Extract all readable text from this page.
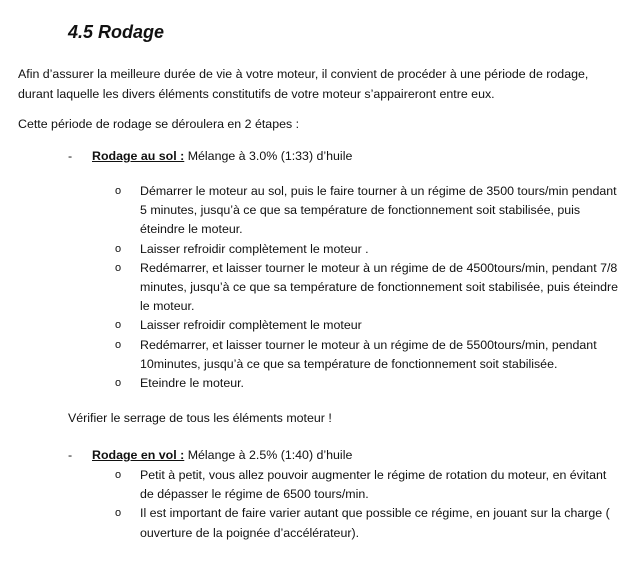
4.5 Rodage

Afin d’assurer la meilleure durée de vie à votre moteur, il convient de procéder à une période de rodage,
durant laquelle les divers éléments constitutifs de votre moteur s’appaireront entre eux.

Cette période de rodage se déroulera en 2 étapes :

- Rodage au sol : Mélange à 3.0% (1:33) d’huile
o Démarrer le moteur au sol, puis le faire tourner à un régime de 3500 tours/min pendant
5 minutes, jusqu’à ce que sa température de fonctionnement soit stabilisée, puis
éteindre le moteur.
o Laisser refroidir complètement le moteur .
o Redémarrer, et laisser tourner le moteur à un régime de de 4500tours/min, pendant 7/8
minutes, jusqu’à ce que sa température de fonctionnement soit stabilisée, puis éteindre
le moteur.
o Laisser refroidir complètement le moteur
o Redémarrer, et laisser tourner le moteur à un régime de de 5500tours/min, pendant
10minutes, jusqu’à ce que sa température de fonctionnement soit stabilisée.
o Eteindre le moteur.

Vérifier le serrage de tous les éléments moteur !

- Rodage en vol : Mélange à 2.5% (1:40) d’huile
o Petit à petit, vous allez pouvoir augmenter le régime de rotation du moteur, en évitant
de dépasser le régime de 6500 tours/min.
o Il est important de faire varier autant que possible ce régime, en jouant sur la charge (
ouverture de la poignée d’accélérateur).
